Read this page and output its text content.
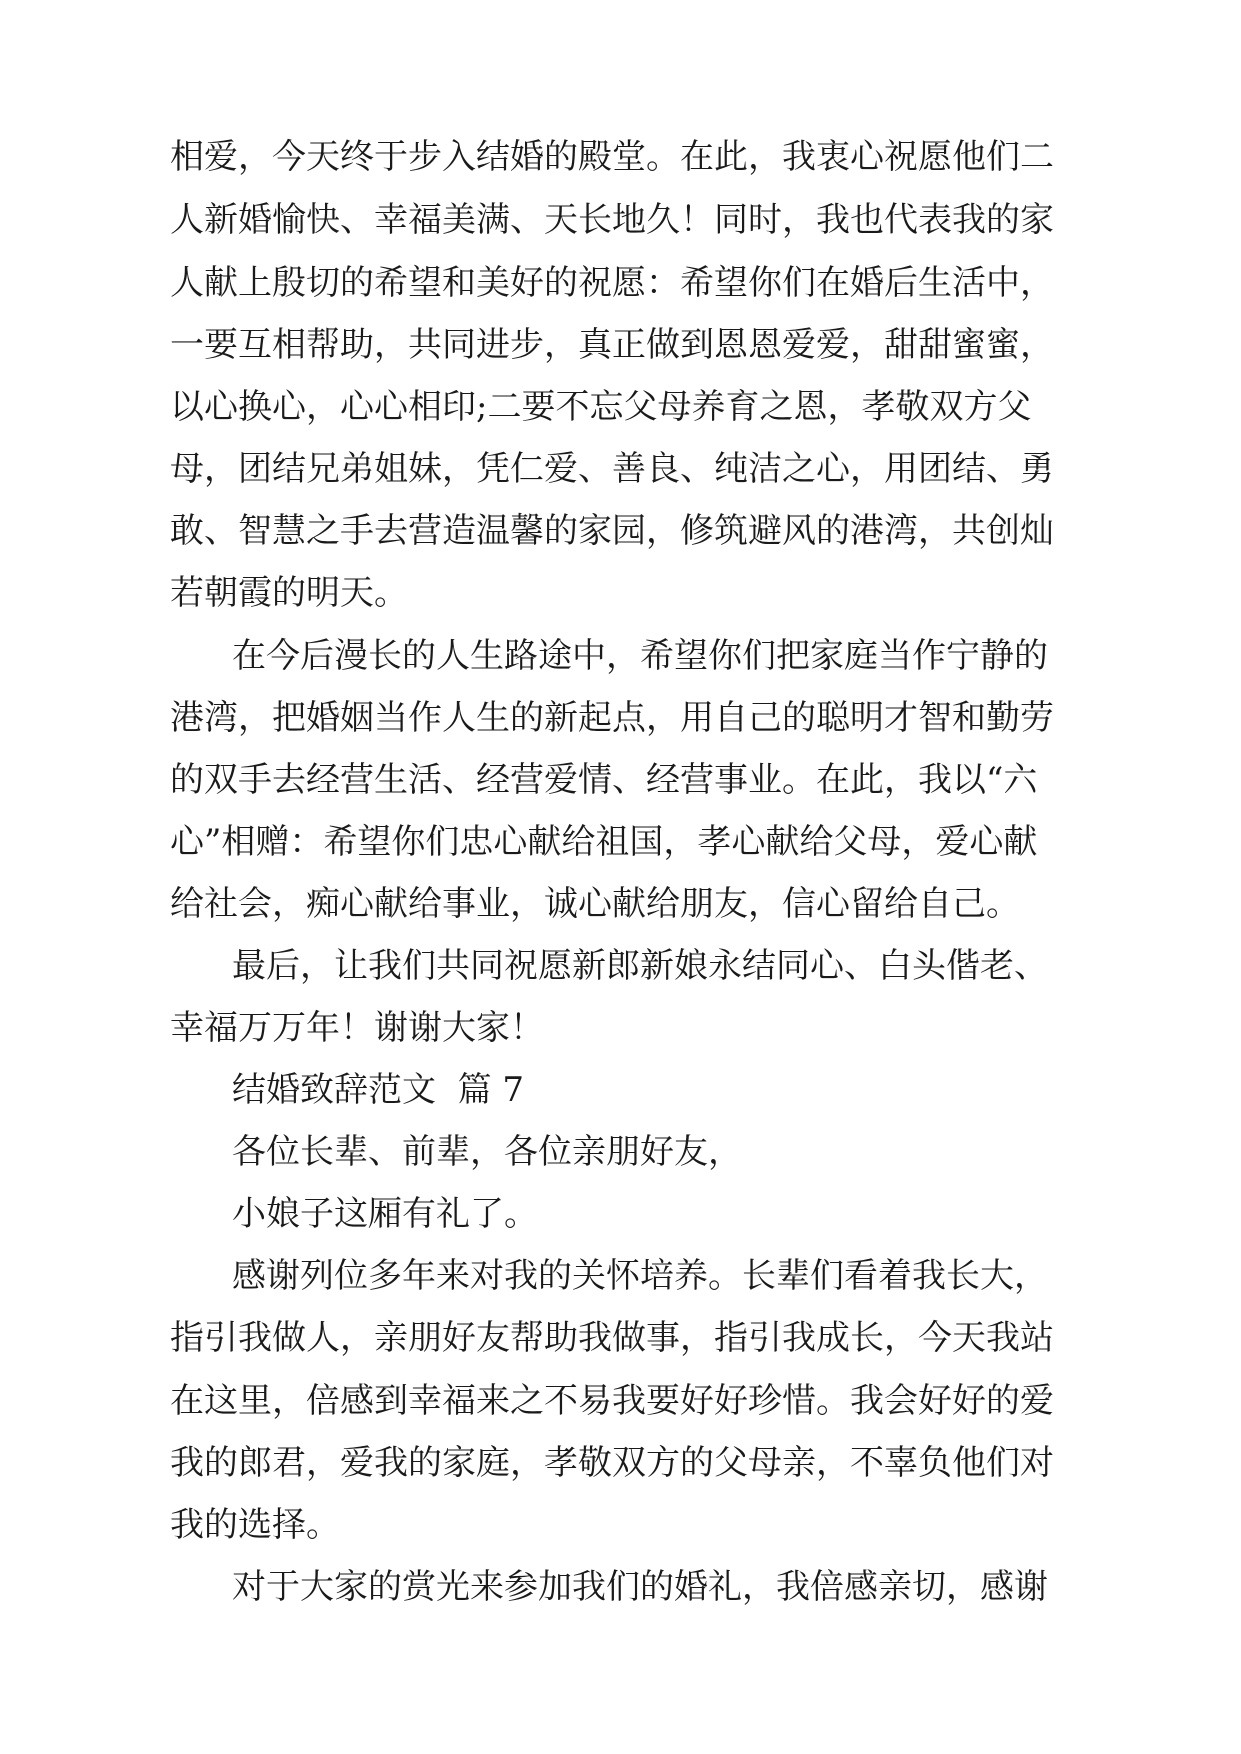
相爱，今天终于步入结婚的殿堂。在此，我衷心祝愿他们二

人新婚愉快、幸福美满、天长地久！同时，我也代表我的家

人献上殷切的希望和美好的祝愿：希望你们在婚后生活中，

一要互相帮助，共同进步，真正做到恩恩爱爱，甜甜蜜蜜，

以心换心，心心相印;二要不忘父母养育之恩，孝敬双方父

母，团结兄弟姐妹，凭仁爱、善良、纯洁之心，用团结、勇

敢、智慧之手去营造温馨的家园，修筑避风的港湾，共创灿

若朝霞的明天。

在今后漫长的人生路途中，希望你们把家庭当作宁静的

港湾，把婚姻当作人生的新起点，用自己的聪明才智和勤劳

的双手去经营生活、经营爱情、经营事业。在此，我以“六

心”相赠：希望你们忠心献给祖国，孝心献给父母，爱心献

给社会，痴心献给事业，诚心献给朋友，信心留给自己。

最后，让我们共同祝愿新郎新娘永结同心、白头偕老、

幸福万万年！谢谢大家！

结婚致辞范文  篇 7

各位长辈、前辈，各位亲朋好友，

小娘子这厢有礼了。

感谢列位多年来对我的关怀培养。长辈们看着我长大，

指引我做人，亲朋好友帮助我做事，指引我成长，今天我站

在这里，倍感到幸福来之不易我要好好珍惜。我会好好的爱

我的郎君，爱我的家庭，孝敬双方的父母亲，不辜负他们对

我的选择。

对于大家的赏光来参加我们的婚礼，我倍感亲切，感谢
